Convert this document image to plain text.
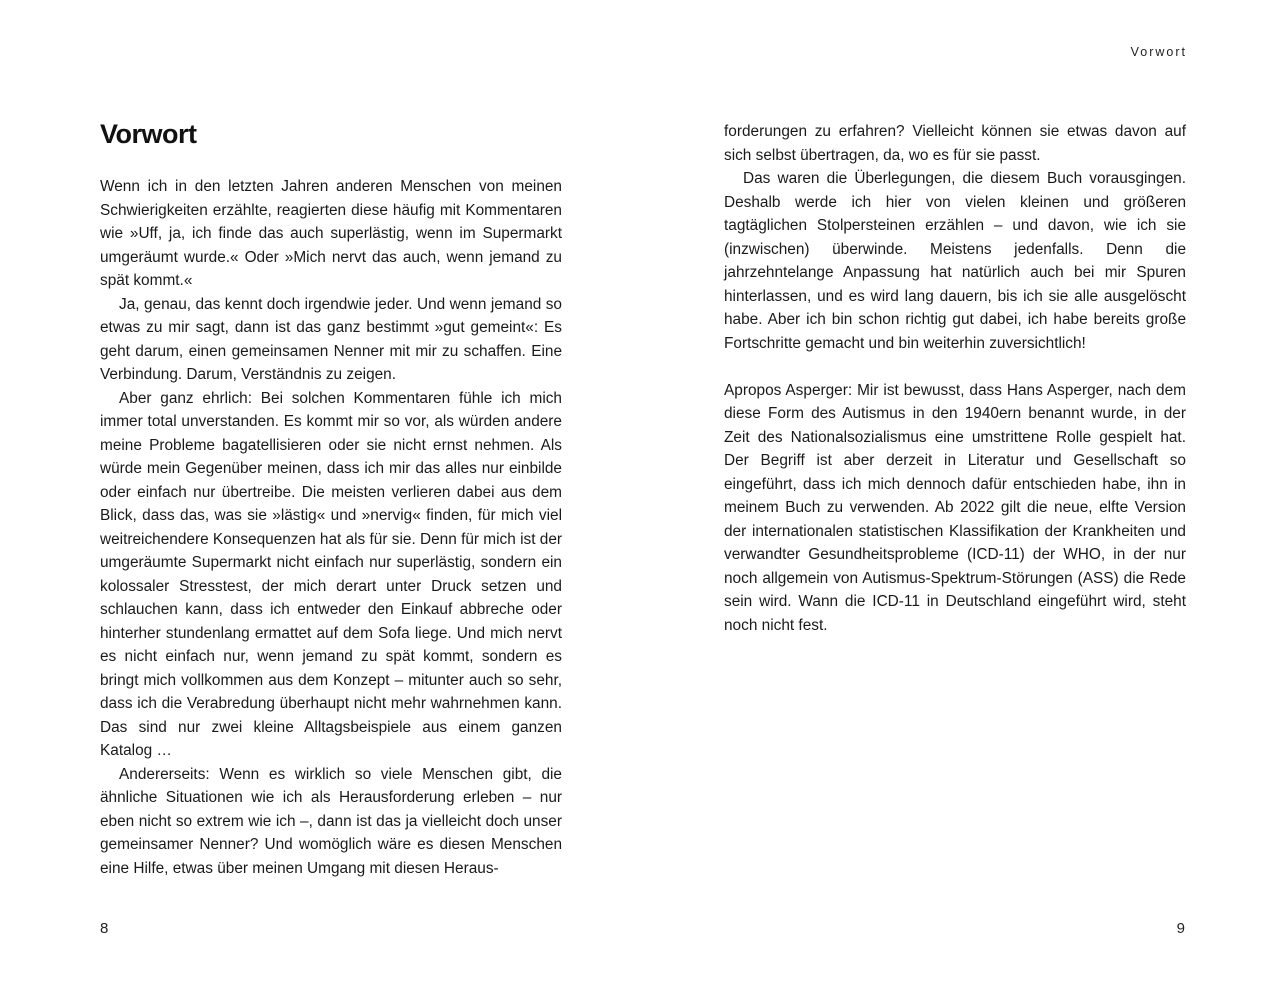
Vorwort
Vorwort

Wenn ich in den letzten Jahren anderen Menschen von meinen Schwierigkeiten erzählte, reagierten diese häufig mit Kommentaren wie »Uff, ja, ich finde das auch superlästig, wenn im Supermarkt umgeräumt wurde.« Oder »Mich nervt das auch, wenn jemand zu spät kommt.«

Ja, genau, das kennt doch irgendwie jeder. Und wenn jemand so etwas zu mir sagt, dann ist das ganz bestimmt »gut gemeint«: Es geht darum, einen gemeinsamen Nenner mit mir zu schaffen. Eine Verbindung. Darum, Verständnis zu zeigen.

Aber ganz ehrlich: Bei solchen Kommentaren fühle ich mich immer total unverstanden. Es kommt mir so vor, als würden andere meine Probleme bagatellisieren oder sie nicht ernst nehmen. Als würde mein Gegenüber meinen, dass ich mir das alles nur einbilde oder einfach nur übertreibe. Die meisten verlieren dabei aus dem Blick, dass das, was sie »lästig« und »nervig« finden, für mich viel weitreichendere Konsequenzen hat als für sie. Denn für mich ist der umgeräumte Supermarkt nicht einfach nur superlästig, sondern ein kolossaler Stresstest, der mich derart unter Druck setzen und schlauchen kann, dass ich entweder den Einkauf abbreche oder hinterher stundenlang ermattet auf dem Sofa liege. Und mich nervt es nicht einfach nur, wenn jemand zu spät kommt, sondern es bringt mich vollkommen aus dem Konzept – mitunter auch so sehr, dass ich die Verabredung überhaupt nicht mehr wahrnehmen kann. Das sind nur zwei kleine Alltagsbeispiele aus einem ganzen Katalog …

Andererseits: Wenn es wirklich so viele Menschen gibt, die ähnliche Situationen wie ich als Herausforderung erleben – nur eben nicht so extrem wie ich –, dann ist das ja vielleicht doch unser gemeinsamer Nenner? Und womöglich wäre es diesen Menschen eine Hilfe, etwas über meinen Umgang mit diesen Heraus-

forderungen zu erfahren? Vielleicht können sie etwas davon auf sich selbst übertragen, da, wo es für sie passt.

Das waren die Überlegungen, die diesem Buch vorausgingen. Deshalb werde ich hier von vielen kleinen und größeren tagtäglichen Stolpersteinen erzählen – und davon, wie ich sie (inzwischen) überwinde. Meistens jedenfalls. Denn die jahrzehntelange Anpassung hat natürlich auch bei mir Spuren hinterlassen, und es wird lang dauern, bis ich sie alle ausgelöscht habe. Aber ich bin schon richtig gut dabei, ich habe bereits große Fortschritte gemacht und bin weiterhin zuversichtlich!

Apropos Asperger: Mir ist bewusst, dass Hans Asperger, nach dem diese Form des Autismus in den 1940ern benannt wurde, in der Zeit des Nationalsozialismus eine umstrittene Rolle gespielt hat. Der Begriff ist aber derzeit in Literatur und Gesellschaft so eingeführt, dass ich mich dennoch dafür entschieden habe, ihn in meinem Buch zu verwenden. Ab 2022 gilt die neue, elfte Version der internationalen statistischen Klassifikation der Krankheiten und verwandter Gesundheitsprobleme (ICD-11) der WHO, in der nur noch allgemein von Autismus-Spektrum-Störungen (ASS) die Rede sein wird. Wann die ICD-11 in Deutschland eingeführt wird, steht noch nicht fest.

8	9
